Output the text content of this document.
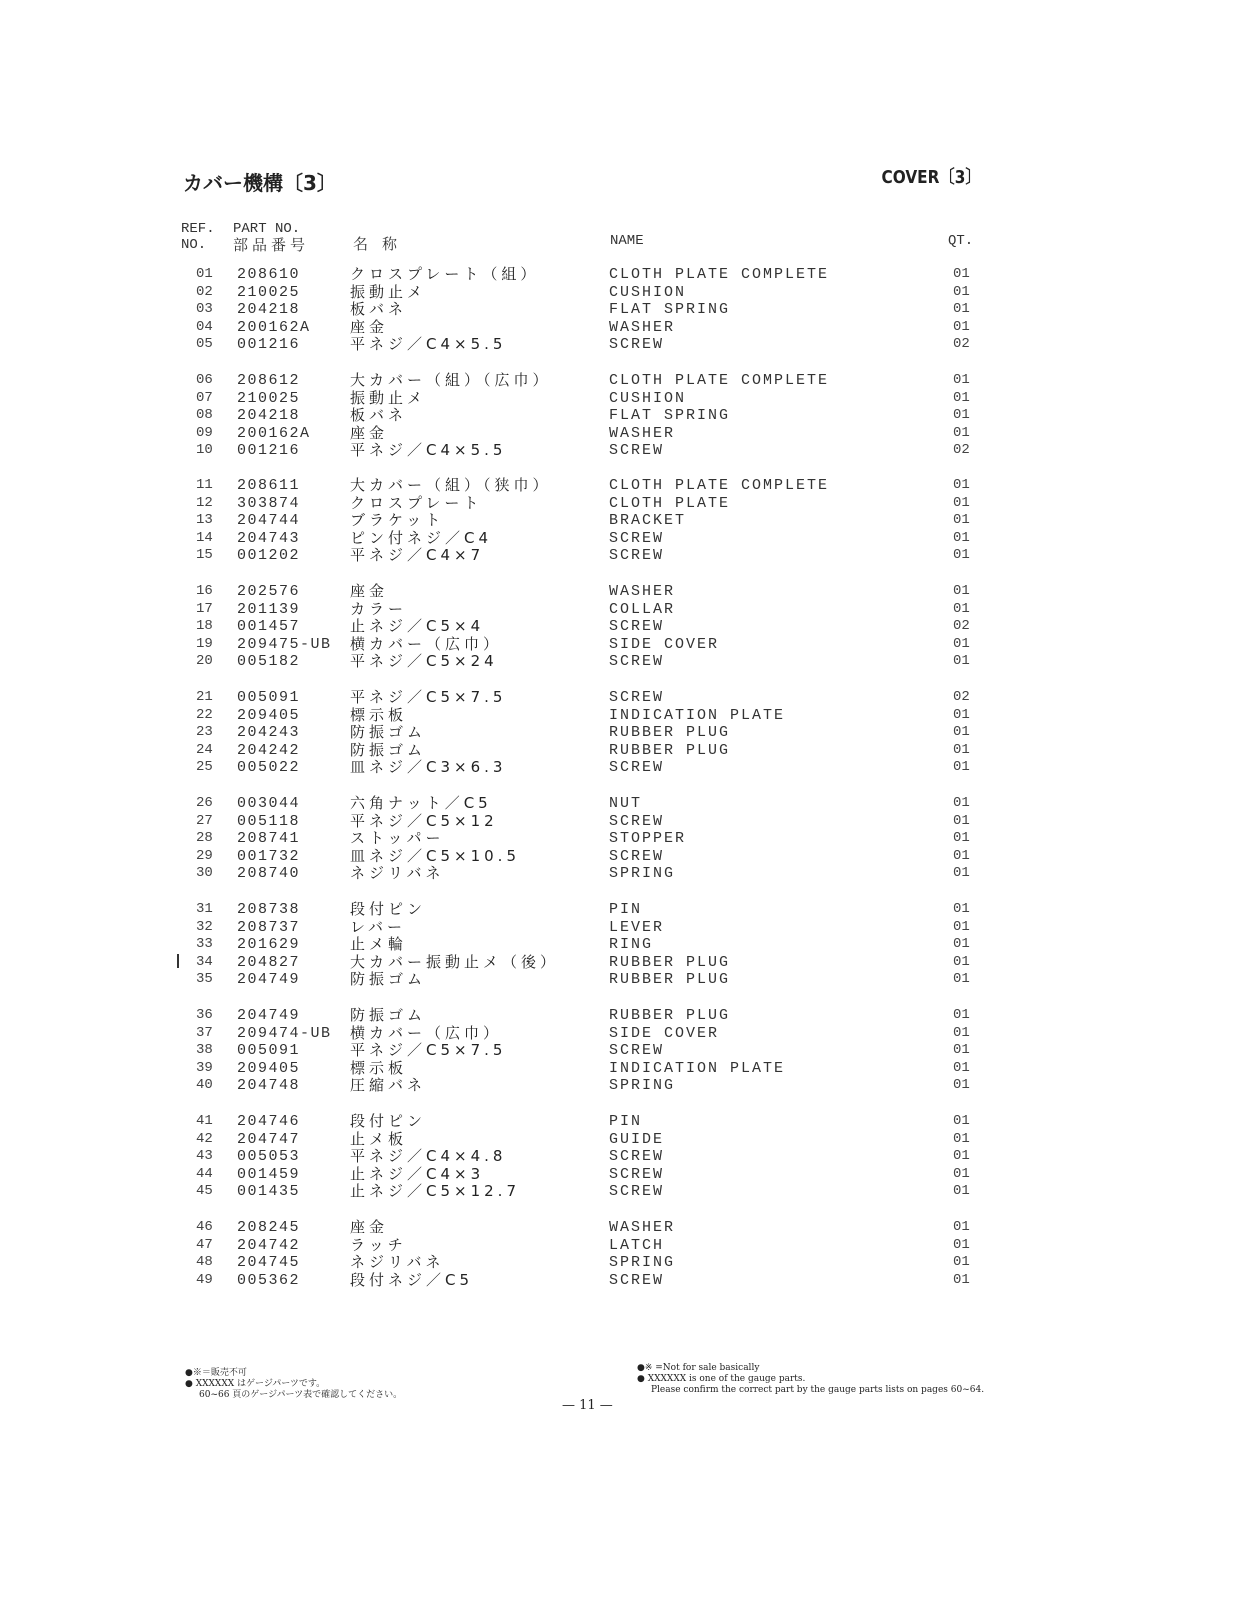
カバー機構〔3〕	COVER〔3〕
REF.
NO.
PART NO.
部品番号	名称	NAME	QT.
01 208610	クロスプレート（組）	CLOTH PLATE COMPLETE	01
02 210025	振動止メ	CUSHION	01
03 204218	板バネ	FLAT SPRING	01
04 200162A	座金	WASHER	01
05 001216	平ネジ／C4×5.5	SCREW	02
06 208612	大カバー（組）（広巾）	CLOTH PLATE COMPLETE	01
07 210025	振動止メ	CUSHION	01
08 204218	板バネ	FLAT SPRING	01
09 200162A	座金	WASHER	01
10 001216	平ネジ／C4×5.5	SCREW	02
11 208611	大カバー（組）（狭巾）	CLOTH PLATE COMPLETE	01
12 303874	クロスプレート	CLOTH PLATE	01
13 204744	ブラケット	BRACKET	01
14 204743	ピン付ネジ／C4	SCREW	01
15 001202	平ネジ／C4×7	SCREW	01
16 202576	座金	WASHER	01
17 201139	カラー	COLLAR	01
18 001457	止ネジ／C5×4	SCREW	02
19 209475-UB 横カバー（広巾）	SIDE COVER	01
20 005182	平ネジ／C5×24	SCREW	01
21 005091	平ネジ／C5×7.5	SCREW	02
22 209405	標示板	INDICATION PLATE	01
23 204243	防振ゴム	RUBBER PLUG	01
24 204242	防振ゴム	RUBBER PLUG	01
25 005022	皿ネジ／C3×6.3	SCREW	01
26 003044	六角ナット／C5	NUT	01
27 005118	平ネジ／C5×12	SCREW	01
28 208741	ストッパー	STOPPER	01
29 001732	皿ネジ／C5×10.5	SCREW	01
30 208740	ネジリバネ	SPRING	01
31 208738	段付ピン	PIN	01
32 208737	レバー	LEVER	01
33 201629	止メ輪	RING	01
34 204827	大カバー振動止メ（後）	RUBBER PLUG	01
35 204749	防振ゴム	RUBBER PLUG	01
36 204749	防振ゴム	RUBBER PLUG	01
37 209474-UB 横カバー（広巾）	SIDE COVER	01
38 005091	平ネジ／C5×7.5	SCREW	01
39 209405	標示板	INDICATION PLATE	01
40 204748	圧縮バネ	SPRING	01
41 204746	段付ピン	PIN	01
42 204747	止メ板	GUIDE	01
43 005053	平ネジ／C4×4.8	SCREW	01
44 001459	止ネジ／C4×3	SCREW	01
45 001435	止ネジ／C5×12.7	SCREW	01
46 208245	座金	WASHER	01
47 204742	ラッチ	LATCH	01
48 204745	ネジリバネ	SPRING	01
49 005362	段付ネジ／C5	SCREW	01
●※＝販売不可
● XXXXXX はゲージパーツです。
60~66 頁のゲージパーツ表で確認してください。
●※ =Not for sale basically
● XXXXXX is one of the gauge parts.
Please confirm the correct part by the gauge parts lists on pages 60~64.
— 11 —
